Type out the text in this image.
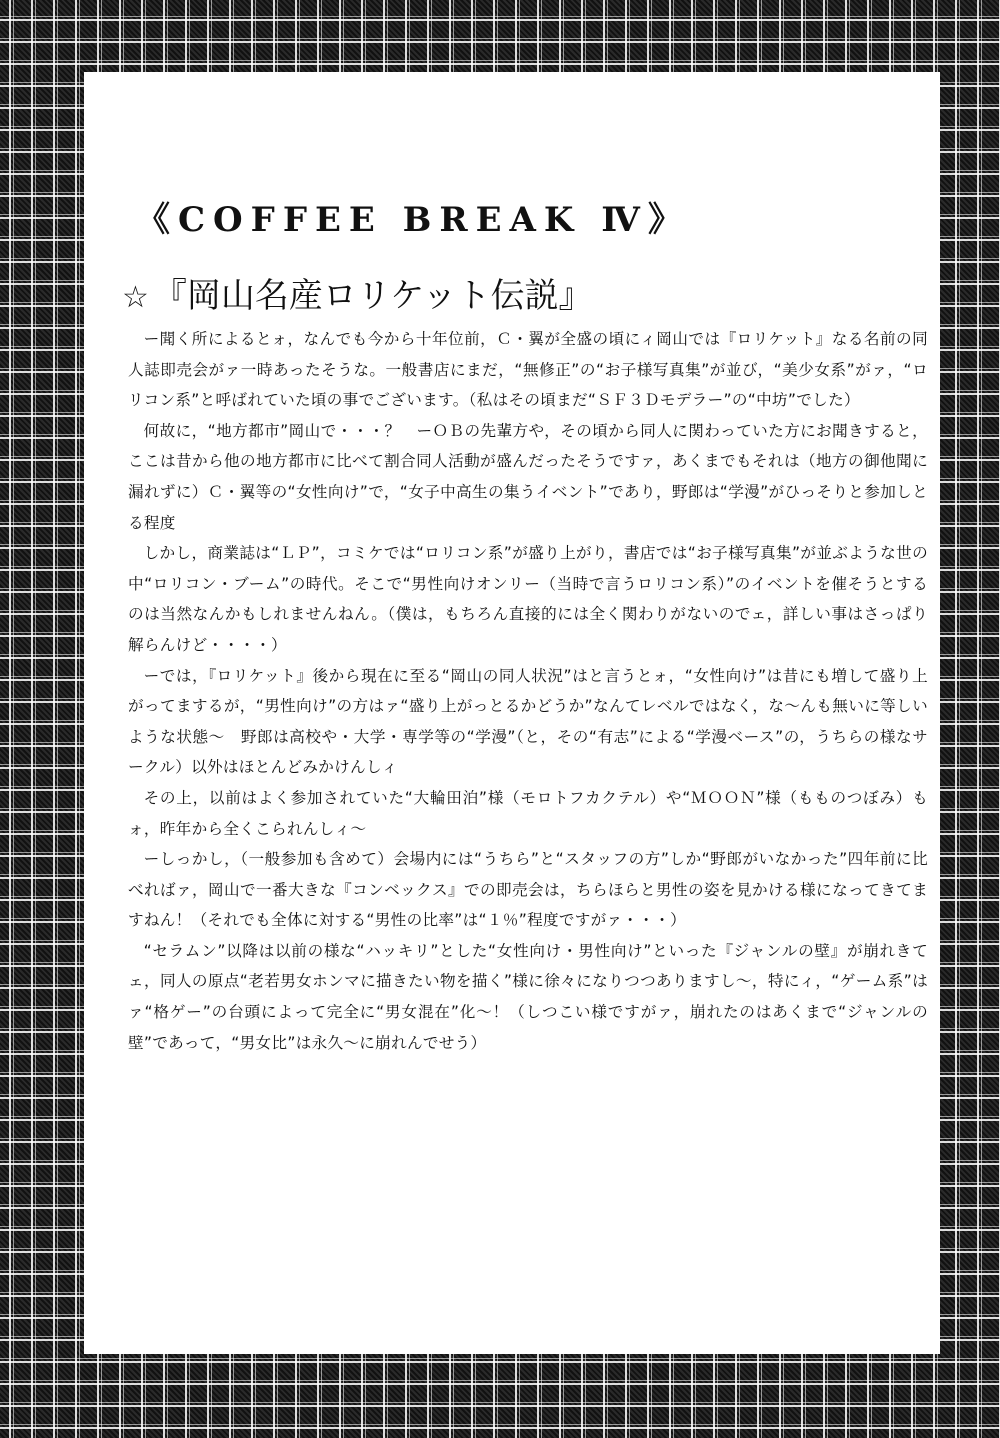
《COFFEE BREAK Ⅳ》
☆ 『岡山名産ロリケット伝説』

ー聞く所によるとォ，なんでも今から十年位前，Ｃ・翼が全盛の頃にィ岡山では『ロリケット』なる名前の同人誌即売会がァ一時あったそうな。一般書店にまだ，“無修正”の“お子様写真集”が並び，“美少女系”がァ，“ロリコン系”と呼ばれていた頃の事でございます。（私はその頃まだ“ＳＦ３Ｄモデラー”の“中坊”でした）

何故に，“地方都市”岡山で・・・？　ーＯＢの先輩方や，その頃から同人に関わっていた方にお聞きすると，ここは昔から他の地方都市に比べて割合同人活動が盛んだったそうですァ，あくまでもそれは（地方の御他聞に漏れずに）Ｃ・翼等の“女性向け”で，“女子中高生の集うイベント”であり，野郎は“学漫”がひっそりと参加しとる程度

しかし，商業誌は“ＬＰ”，コミケでは“ロリコン系”が盛り上がり，書店では“お子様写真集”が並ぶような世の中“ロリコン・ブーム”の時代。そこで“男性向けオンリー（当時で言うロリコン系）”のイベントを催そうとするのは当然なんかもしれませんねん。（僕は，もちろん直接的には全く関わりがないのでェ，詳しい事はさっぱり解らんけど・・・・）

ーでは，『ロリケット』後から現在に至る“岡山の同人状況”はと言うとォ，“女性向け”は昔にも増して盛り上がってまするが，“男性向け”の方はァ“盛り上がっとるかどうか”なんてレベルではなく，な〜んも無いに等しいような状態〜　野郎は高校や・大学・専学等の“学漫”（と，その“有志”による“学漫ベース”の，うちらの様なサークル）以外はほとんどみかけんしィ

その上，以前はよく参加されていた“大輪田泊”様（モロトフカクテル）や“ＭＯＯＮ”様（もものつぼみ）もォ，昨年から全くこられんしィ〜

ーしっかし，（一般参加も含めて）会場内には“うちら”と“スタッフの方”しか“野郎がいなかった”四年前に比べればァ，岡山で一番大きな『コンベックス』での即売会は，ちらほらと男性の姿を見かける様になってきてますねん！（それでも全体に対する“男性の比率”は“１％”程度ですがァ・・・）

“セラムン”以降は以前の様な“ハッキリ”とした“女性向け・男性向け”といった『ジャンルの壁』が崩れきてェ，同人の原点“老若男女ホンマに描きたい物を描く”様に徐々になりつつありますし〜，特にィ，“ゲーム系”はァ“格ゲー”の台頭によって完全に“男女混在”化〜！（しつこい様ですがァ，崩れたのはあくまで“ジャンルの壁”であって，“男女比”は永久〜に崩れんでせう）
